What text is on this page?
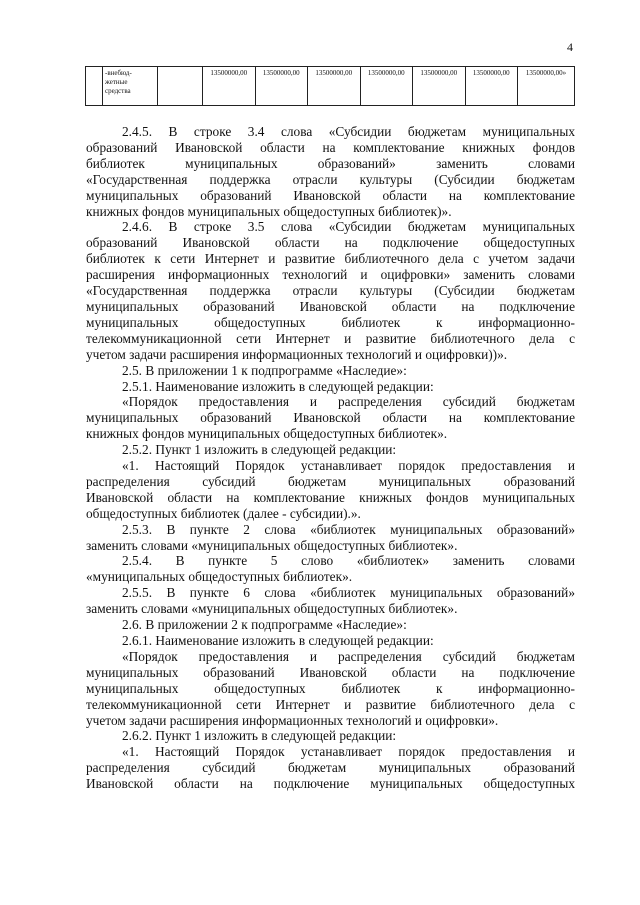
4
	-внебюд-
жетные
средства		13500000,00	13500000,00	13500000,00	13500000,00	13500000,00	13500000,00	13500000,00»

2.4.5. В строке 3.4 слова «Субсидии бюджетам муниципальных

образований Ивановской области на комплектование книжных фондов

библиотек муниципальных образований» заменить словами

«Государственная поддержка отрасли культуры (Субсидии бюджетам

муниципальных образований Ивановской области на комплектование

книжных фондов муниципальных общедоступных библиотек)».

2.4.6. В строке 3.5 слова «Субсидии бюджетам муниципальных

образований Ивановской области на подключение общедоступных

библиотек к сети Интернет и развитие библиотечного дела с учетом задачи

расширения информационных технологий и оцифровки» заменить словами

«Государственная поддержка отрасли культуры (Субсидии бюджетам

муниципальных образований Ивановской области на подключение

муниципальных общедоступных библиотек к информационно-

телекоммуникационной сети Интернет и развитие библиотечного дела с

учетом задачи расширения информационных технологий и оцифровки))».

2.5. В приложении 1 к подпрограмме «Наследие»:

2.5.1. Наименование изложить в следующей редакции:

«Порядок предоставления и распределения субсидий бюджетам

муниципальных образований Ивановской области на комплектование

книжных фондов муниципальных общедоступных библиотек».

2.5.2. Пункт 1 изложить в следующей редакции:

«1. Настоящий Порядок устанавливает порядок предоставления и

распределения субсидий бюджетам муниципальных образований

Ивановской области на комплектование книжных фондов муниципальных

общедоступных библиотек (далее - субсидии).».

2.5.3. В пункте 2 слова «библиотек муниципальных образований»

заменить словами «муниципальных общедоступных библиотек».

2.5.4. В пункте 5 слово «библиотек» заменить словами

«муниципальных общедоступных библиотек».

2.5.5. В пункте 6 слова «библиотек муниципальных образований»

заменить словами «муниципальных общедоступных библиотек».

2.6. В приложении 2 к подпрограмме «Наследие»:

2.6.1. Наименование изложить в следующей редакции:

«Порядок предоставления и распределения субсидий бюджетам

муниципальных образований Ивановской области на подключение

муниципальных общедоступных библиотек к информационно-

телекоммуникационной сети Интернет и развитие библиотечного дела с

учетом задачи расширения информационных технологий и оцифровки».

2.6.2. Пункт 1 изложить в следующей редакции:

«1. Настоящий Порядок устанавливает порядок предоставления и

распределения субсидий бюджетам муниципальных образований

Ивановской области на подключение муниципальных общедоступных
